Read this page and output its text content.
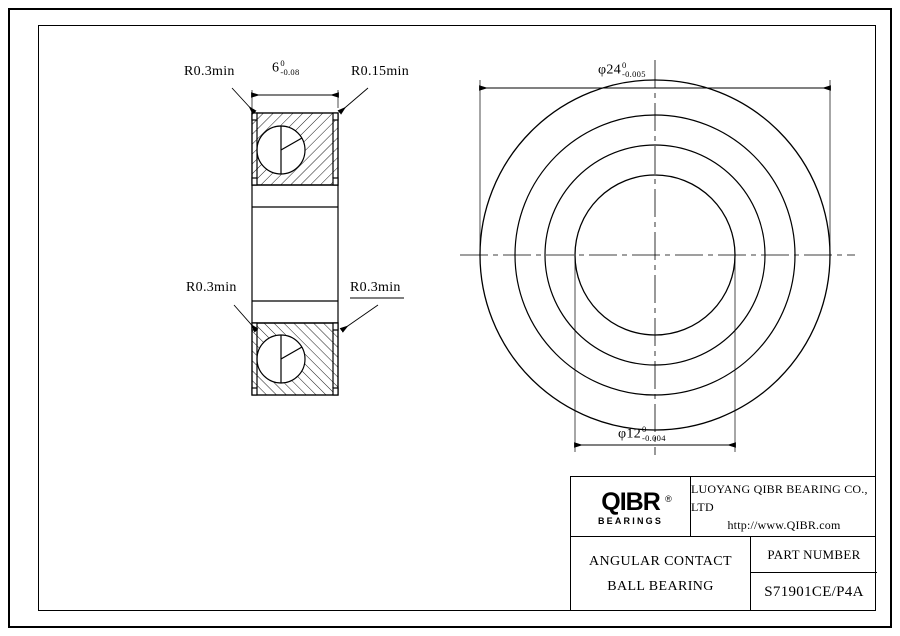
R0.3min	6 0
-0.08	R0.15min
R0.3min	R0.3min
φ24 0
-0.005
φ12 0
-0.004
QIBR ®
BEARINGS
LUOYANG QIBR BEARING CO., LTD
http://www.QIBR.com
ANGULAR CONTACT
BALL BEARING
PART NUMBER
S71901CE/P4A
